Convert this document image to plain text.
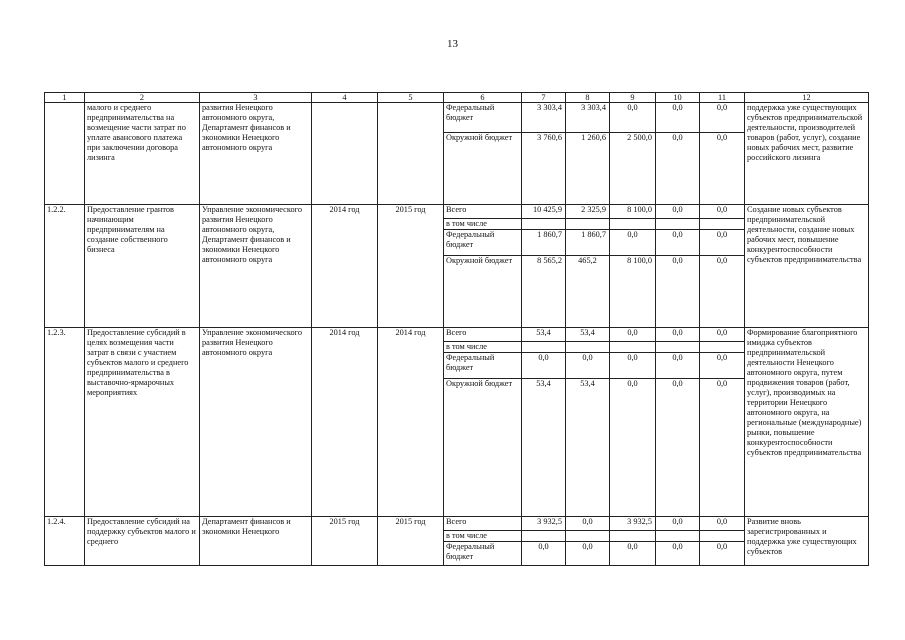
13
1	2	3	4	5	6	7	8	9	10	11	12
	малого и среднего предпринимательства на возмещение части затрат по уплате авансового платежа при заключении договора лизинга	развития Ненецкого автономного округа, Департамент финансов и экономики Ненецкого автономного округа			Федеральный бюджет	3 303,4	3 303,4	0,0	0,0	0,0	поддержка уже существующих субъектов предпринимательской деятельности, производителей товаров (работ, услуг), создание новых рабочих мест, развитие российского лизинга
					Окружной бюджет	3 760,6	1 260,6	2 500,0	0,0	0,0	
1.2.2.	Предоставление грантов начинающим предпринимателям на создание собственного бизнеса	Управление экономического развития Ненецкого автономного округа, Департамент финансов и экономики Ненецкого автономного округа	2014 год	2015 год	Всего	10 425,9	2 325,9	8 100,0	0,0	0,0	Создание новых субъектов предпринимательской деятельности, создание новых рабочих мест, повышение конкурентоспособности субъектов предпринимательства
					в том числе						
					Федеральный бюджет	1 860,7	1 860,7	0,0	0,0	0,0	
					Окружной бюджет	8 565,2	465,2	8 100,0	0,0	0,0	
1.2.3.	Предоставление субсидий в целях возмещения части затрат в связи с участием субъектов малого и среднего предпринимательства в выставочно-ярмарочных мероприятиях	Управление экономического развития Ненецкого автономного округа	2014 год	2014 год	Всего	53,4	53,4	0,0	0,0	0,0	Формирование благоприятного имиджа субъектов предпринимательской деятельности Ненецкого автономного округа, путем продвижения товаров (работ, услуг), производимых на территории Ненецкого автономного округа, на региональные (международные) рынки, повышение конкурентоспособности субъектов предпринимательства
					в том числе						
					Федеральный бюджет	0,0	0,0	0,0	0,0	0,0	
					Окружной бюджет	53,4	53,4	0,0	0,0	0,0	
1.2.4.	Предоставление субсидий на поддержку субъектов малого и среднего	Департамент финансов и экономики Ненецкого	2015 год	2015 год	Всего	3 932,5	0,0	3 932,5	0,0	0,0	Развитие вновь зарегистрированных и поддержка уже существующих субъектов
					в том числе						
					Федеральный бюджет	0,0	0,0	0,0	0,0	0,0	
